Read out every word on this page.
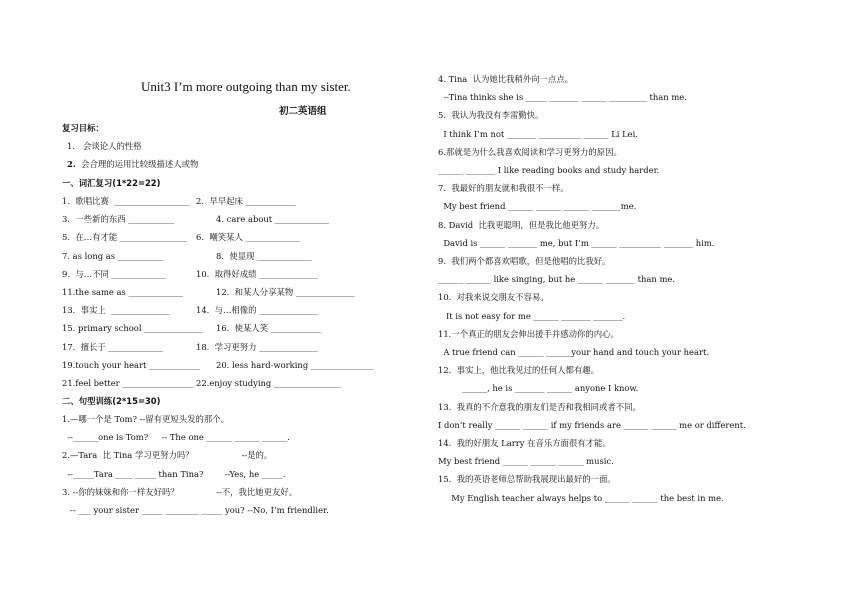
Unit3 I’m more outgoing than my sister.
初二英语组
复习目标：
1.   会谈论人的性格
2.  会合理的运用比较级描述人或物
一、词汇复习(1*22=22)
1.  歌唱比赛  __________________ 2.  早早起床 ____________
3.  一些新的东西 ___________	4. care about _____________
5.  在…有才能 ________________ 6.  嘲笑某人 _____________
7. as long as ___________	8.  使显现 _____________
9.  与…不同 _____________	10.  取得好成绩 ______________
11.the same as _____________	12.  和某人分享某物 ______________
13.  事实上  ______________	14.  与…相像的 ______________
15. primary school ______________ 16.  使某人笑 ____________
17.  擅长于 _____________	18.  学习更努力 ______________
19.touch your heart ____________ 20. less hard-working _______________
21.feel better _________________ 22.enjoy studying ________________
二、句型训练(2*15=30)
1.—哪一个是 Tom? --留有更短头发的那个。
--______one is Tom?     -- The one ______ ______ ______.
2.—Tara  比 Tina 学习更努力吗？                  --是的。
--_____Tara ____ _____ than Tina?        --Yes, he _____.
3. --你的妹妹和你一样友好吗？              --不，我比她更友好。
-- ___ your sister _____ ________ _____ you? --No, I’m friendlier.
4. Tina  认为她比我稍外向一点点。
--Tina thinks she is _____ _______ ______ _________ than me.
5.  我认为我没有李雷勤快。
I think I’m not _______ __________ ______ Li Lei.
6.那就是为什么我喜欢阅读和学习更努力的原因。
______ _______ I like reading books and study harder.
7.  我最好的朋友就和我很不一样。
My best friend ______ ______ ______ _______me.
8. David  比我更聪明，但是我比他更努力。
David is ______ _______ me, but I’m ______ __________ _______ him.
9.  我们两个都喜欢唱歌，但是他唱的比我好。
______ ______ like singing, but he ______ _______ than me.
10.  对我来说交朋友不容易。
It is not easy for me ______ _______ _______.
11.一个真正的朋友会伸出援手并感动你的内心。
A true friend can ______ ______your hand and touch your heart.
12.  事实上，他比我见过的任何人都有趣。
______, he is _______ ______ anyone I know.
13.  我真的不介意我的朋友们是否和我相同或者不同。
I don’t really ______ ______ if my friends are ______ ______ me or different.
14.  我的好朋友 Larry 在音乐方面很有才能。
My best friend ______ ______ ______ music.
15.  我的英语老师总帮助我展现出最好的一面。
My English teacher always helps to ______ ______ the best in me.
